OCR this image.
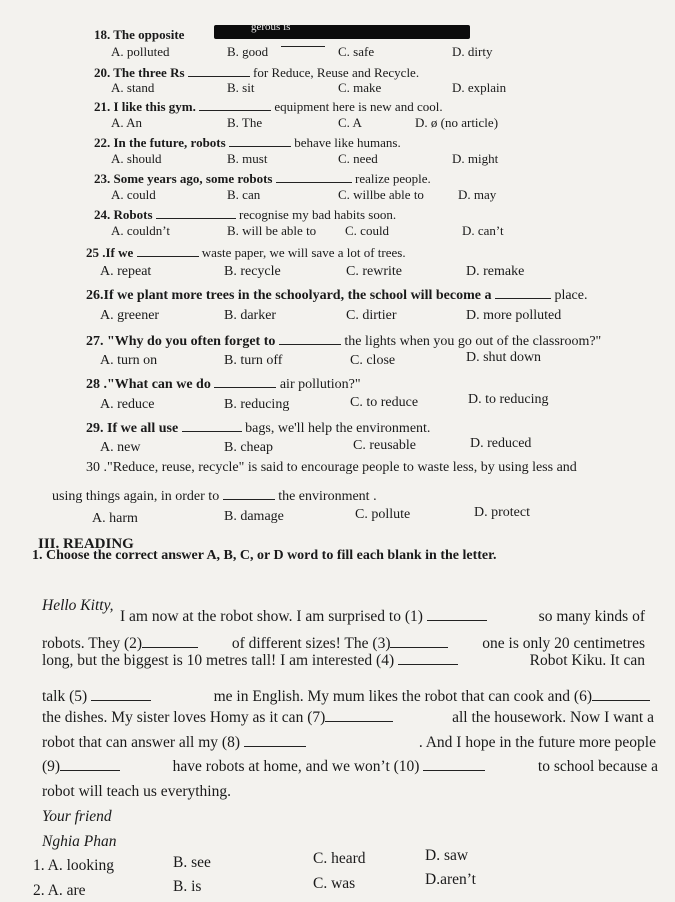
18. The opposite	gerous is
A. polluted	B. good	C. safe	D. dirty
20. The three Rs	for Reduce, Reuse and Recycle.
A. stand	B. sit	C. make	D. explain
21. I like this gym.	equipment here is new and cool.
A. An	B. The	C. A	D. ø (no article)
22. In the future, robots	behave like humans.
A. should	B. must	C. need	D. might
23. Some years ago, some robots	realize people.
A. could	B. can	C. willbe able to	D. may
24. Robots	recognise my bad habits soon.
A. couldn’t	B. will be able to C. could	D. can’t
25 .If we	waste paper, we will save a lot of trees.
A. repeat	B. recycle	C. rewrite	D. remake
26.If we plant more trees in the schoolyard, the school will become a	place.
A. greener	B. darker	C. dirtier	D. more polluted
27. "Why do you often forget to	the lights when you go out of the classroom?"
A. turn on	B. turn off	C. close	D. shut down
28 ."What can we do	air pollution?"
A. reduce	B. reducing	C. to reduce	D. to reducing
29. If we all use	bags, we'll help the environment.
A. new	B. cheap	C. reusable	D. reduced
30 ."Reduce, reuse, recycle" is said to encourage people to waste less, by using less and
using things again, in order to	the environment .
A. harm	B. damage	C. pollute	D. protect
III. READING
1. Choose the correct answer A, B, C, or D word to fill each blank in the letter.
Hello Kitty,
I am now at the robot show. I am surprised to (1)	so many kinds of
robots. They (2)	of different sizes! The (3)	one is only 20 centimetres
long, but the biggest is 10 metres tall! I am interested (4)	Robot Kiku. It can
talk (5)	me in English. My mum likes the robot that can cook and (6)
the dishes. My sister loves Homy as it can (7)	all the housework. Now I want a
robot that can answer all my (8)	. And I hope in the future more people
(9)	have robots at home, and we won’t (10)	to school because a
robot will teach us everything.
Your friend
Nghia Phan
1. A. looking	B. see	C. heard	D. saw
2. A. are	B. is	C. was	D.aren’t
